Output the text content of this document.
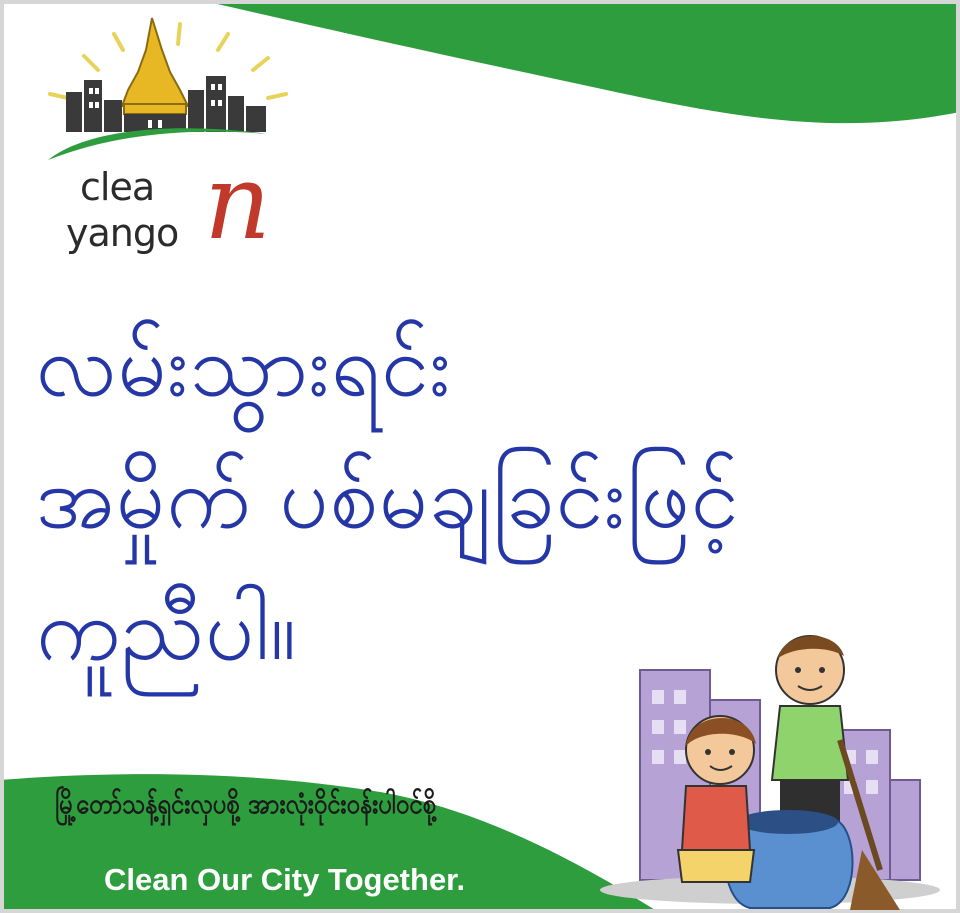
clea
yango n
လမ်းသွားရင်း
အမှိုက် ပစ်မချခြင်းဖြင့်
ကူညီပါ။
မြို့တော်သန့်ရှင်းလှပစို့ အားလုံးဝိုင်းဝန်းပါဝင်စို့
Clean Our City Together.
